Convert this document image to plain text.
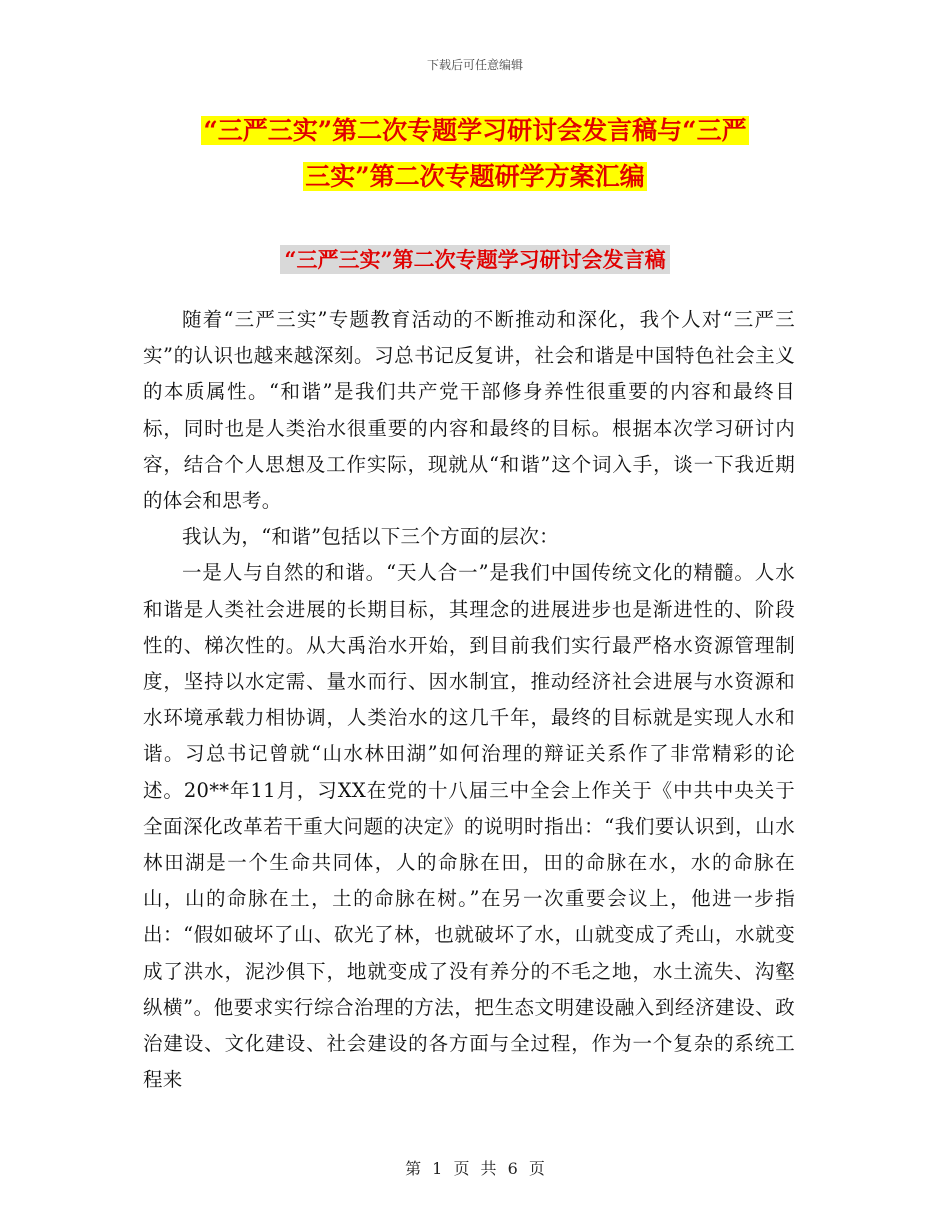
下载后可任意编辑
“三严三实”第二次专题学习研讨会发言稿与“三严
三实”第二次专题研学方案汇编
“三严三实”第二次专题学习研讨会发言稿

随着“三严三实”专题教育活动的不断推动和深化，我个人对“三严三实”的认识也越来越深刻。习总书记反复讲，社会和谐是中国特色社会主义的本质属性。“和谐”是我们共产党干部修身养性很重要的内容和最终目标，同时也是人类治水很重要的内容和最终的目标。根据本次学习研讨内容，结合个人思想及工作实际，现就从“和谐”这个词入手，谈一下我近期的体会和思考。

我认为，“和谐”包括以下三个方面的层次：

一是人与自然的和谐。“天人合一”是我们中国传统文化的精髓。人水和谐是人类社会进展的长期目标，其理念的进展进步也是渐进性的、阶段性的、梯次性的。从大禹治水开始，到目前我们实行最严格水资源管理制度，坚持以水定需、量水而行、因水制宜，推动经济社会进展与水资源和水环境承载力相协调，人类治水的这几千年，最终的目标就是实现人水和谐。习总书记曾就“山水林田湖”如何治理的辩证关系作了非常精彩的论述。20**年11月，习XX在党的十八届三中全会上作关于《中共中央关于全面深化改革若干重大问题的决定》的说明时指出：“我们要认识到，山水林田湖是一个生命共同体，人的命脉在田，田的命脉在水，水的命脉在山，山的命脉在土，土的命脉在树。”在另一次重要会议上，他进一步指出：“假如破坏了山、砍光了林，也就破坏了水，山就变成了秃山，水就变成了洪水，泥沙俱下，地就变成了没有养分的不毛之地，水土流失、沟壑纵横”。他要求实行综合治理的方法，把生态文明建设融入到经济建设、政治建设、文化建设、社会建设的各方面与全过程，作为一个复杂的系统工程来

第 1 页 共 6 页
